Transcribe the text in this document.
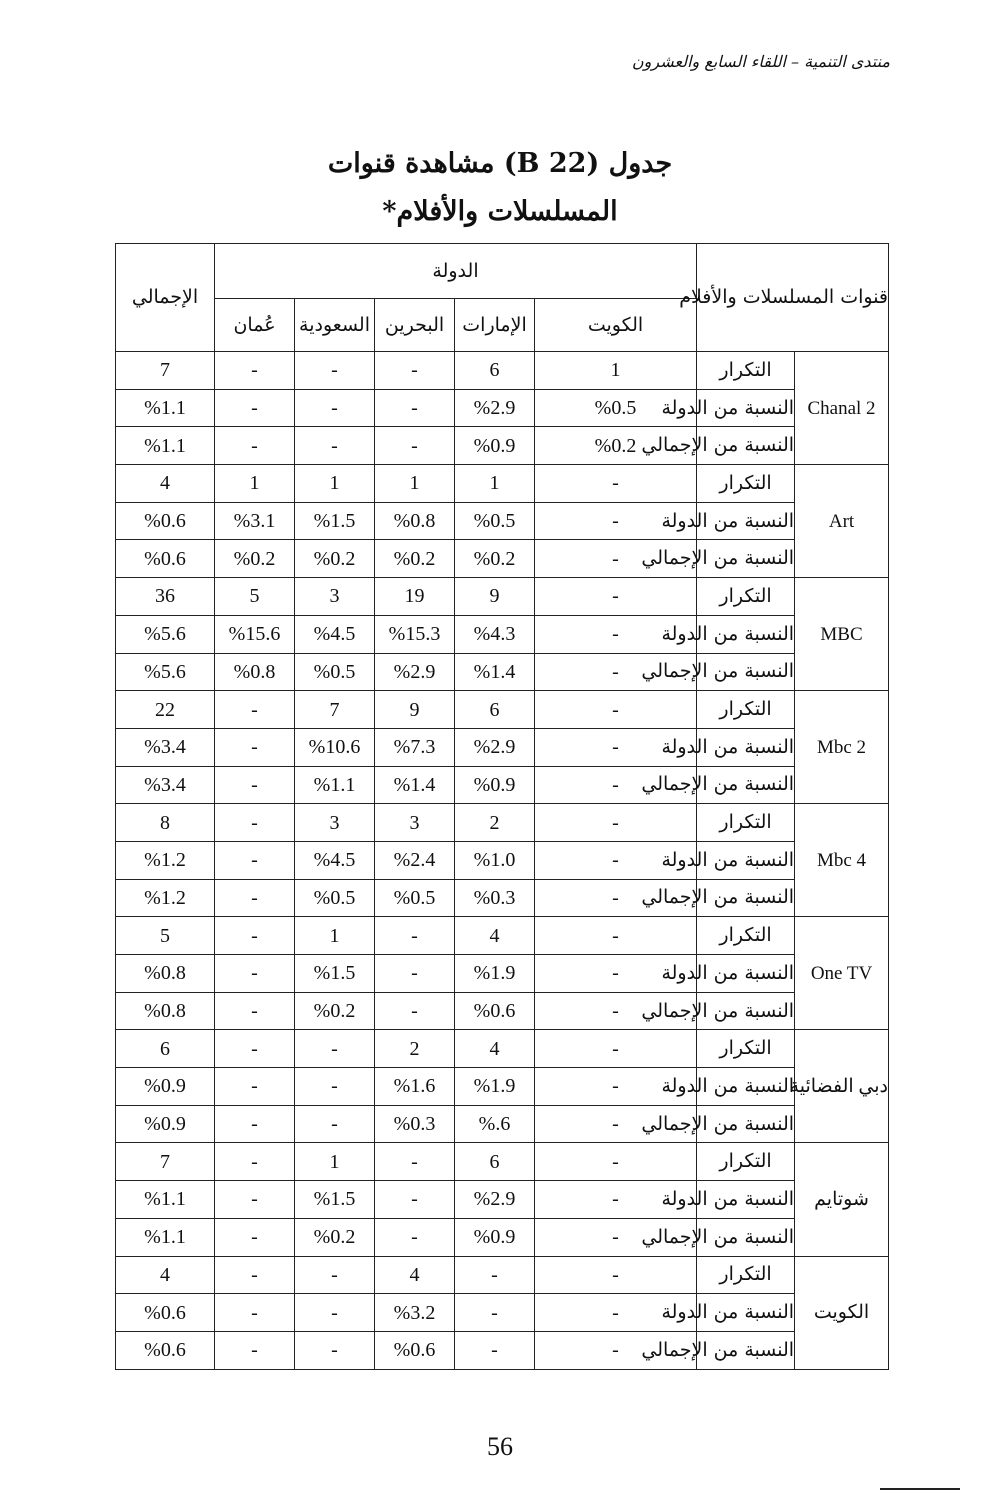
منتدى التنمية – اللقاء السابع والعشرون
جدول (B 22) مشاهدة قنوات
المسلسلات والأفلام*
قنوات المسلسلات والأفلام		الدولة					الإجمالي
		الكويت	الإمارات	البحرين	السعودية	عُمان	
Chanal 2	التكرار	1	6	-	-	-	7
	النسبة من الدولة	%0.5	%2.9	-	-	-	%1.1
	النسبة من الإجمالي	%0.2	%0.9	-	-	-	%1.1
Art	التكرار	-	1	1	1	1	4
	النسبة من الدولة	-	%0.5	%0.8	%1.5	%3.1	%0.6
	النسبة من الإجمالي	-	%0.2	%0.2	%0.2	%0.2	%0.6
MBC	التكرار	-	9	19	3	5	36
	النسبة من الدولة	-	%4.3	%15.3	%4.5	%15.6	%5.6
	النسبة من الإجمالي	-	%1.4	%2.9	%0.5	%0.8	%5.6
Mbc 2	التكرار	-	6	9	7	-	22
	النسبة من الدولة	-	%2.9	%7.3	%10.6	-	%3.4
	النسبة من الإجمالي	-	%0.9	%1.4	%1.1	-	%3.4
Mbc 4	التكرار	-	2	3	3	-	8
	النسبة من الدولة	-	%1.0	%2.4	%4.5	-	%1.2
	النسبة من الإجمالي	-	%0.3	%0.5	%0.5	-	%1.2
One TV	التكرار	-	4	-	1	-	5
	النسبة من الدولة	-	%1.9	-	%1.5	-	%0.8
	النسبة من الإجمالي	-	%0.6	-	%0.2	-	%0.8
دبي الفضائية	التكرار	-	4	2	-	-	6
	النسبة من الدولة	-	%1.9	%1.6	-	-	%0.9
	النسبة من الإجمالي	-	%.6	%0.3	-	-	%0.9
شوتايم	التكرار	-	6	-	1	-	7
	النسبة من الدولة	-	%2.9	-	%1.5	-	%1.1
	النسبة من الإجمالي	-	%0.9	-	%0.2	-	%1.1
الكويت	التكرار	-	-	4	-	-	4
	النسبة من الدولة	-	-	%3.2	-	-	%0.6
	النسبة من الإجمالي	-	-	%0.6	-	-	%0.6
56
